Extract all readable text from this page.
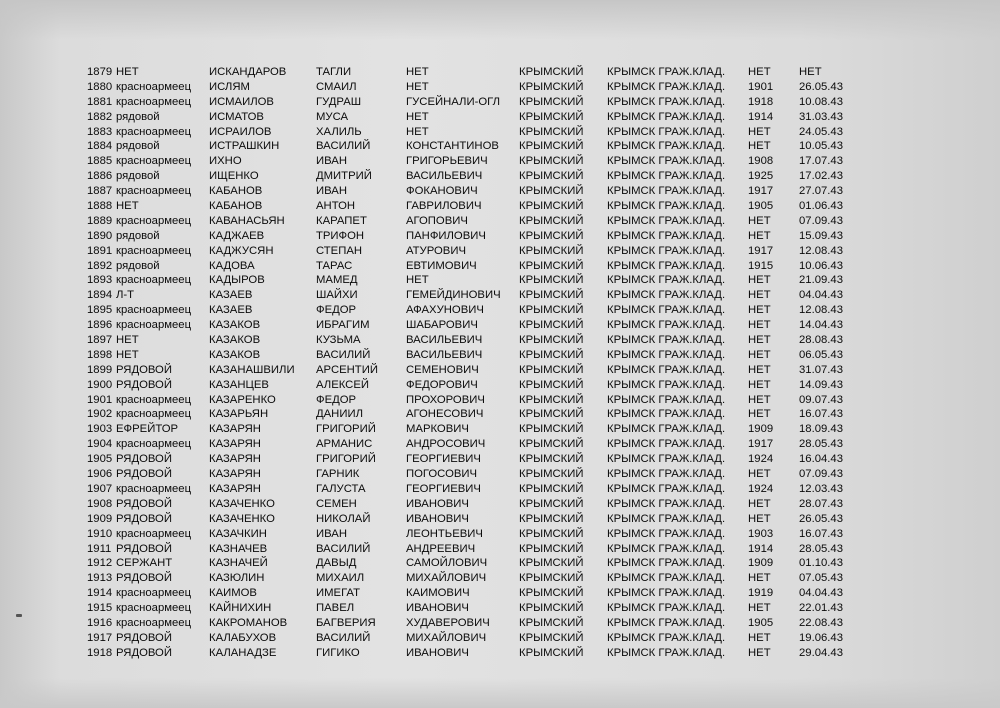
1879 НЕТ	ИСКАНДАРОВ	ТАГЛИ	НЕТ	КРЫМСКИЙ	КРЫМСК ГРАЖ.КЛАД.	НЕТ	НЕТ
1880 красноармеец	ИСЛЯМ	СМАИЛ	НЕТ	КРЫМСКИЙ	КРЫМСК ГРАЖ.КЛАД.	1901	26.05.43
1881 красноармеец	ИСМАИЛОВ	ГУДРАШ	ГУСЕЙНАЛИ-ОГЛ	КРЫМСКИЙ	КРЫМСК ГРАЖ.КЛАД.	1918	10.08.43
1882 рядовой	ИСМАТОВ	МУСА	НЕТ	КРЫМСКИЙ	КРЫМСК ГРАЖ.КЛАД.	1914	31.03.43
1883 красноармеец	ИСРАИЛОВ	ХАЛИЛЬ	НЕТ	КРЫМСКИЙ	КРЫМСК ГРАЖ.КЛАД.	НЕТ	24.05.43
1884 рядовой	ИСТРАШКИН	ВАСИЛИЙ	КОНСТАНТИНОВ	КРЫМСКИЙ	КРЫМСК ГРАЖ.КЛАД.	НЕТ	10.05.43
1885 красноармеец	ИХНО	ИВАН	ГРИГОРЬЕВИЧ	КРЫМСКИЙ	КРЫМСК ГРАЖ.КЛАД.	1908	17.07.43
1886 рядовой	ИЩЕНКО	ДМИТРИЙ	ВАСИЛЬЕВИЧ	КРЫМСКИЙ	КРЫМСК ГРАЖ.КЛАД.	1925	17.02.43
1887 красноармеец	КАБАНОВ	ИВАН	ФОКАНОВИЧ	КРЫМСКИЙ	КРЫМСК ГРАЖ.КЛАД.	1917	27.07.43
1888 НЕТ	КАБАНОВ	АНТОН	ГАВРИЛОВИЧ	КРЫМСКИЙ	КРЫМСК ГРАЖ.КЛАД.	1905	01.06.43
1889 красноармеец	КАВАНАСЬЯН	КАРАПЕТ	АГОПОВИЧ	КРЫМСКИЙ	КРЫМСК ГРАЖ.КЛАД.	НЕТ	07.09.43
1890 рядовой	КАДЖАЕВ	ТРИФОН	ПАНФИЛОВИЧ	КРЫМСКИЙ	КРЫМСК ГРАЖ.КЛАД.	НЕТ	15.09.43
1891 красноармеец	КАДЖУСЯН	СТЕПАН	АТУРОВИЧ	КРЫМСКИЙ	КРЫМСК ГРАЖ.КЛАД.	1917	12.08.43
1892 рядовой	КАДОВА	ТАРАС	ЕВТИМОВИЧ	КРЫМСКИЙ	КРЫМСК ГРАЖ.КЛАД.	1915	10.06.43
1893 красноармеец	КАДЫРОВ	МАМЕД	НЕТ	КРЫМСКИЙ	КРЫМСК ГРАЖ.КЛАД.	НЕТ	21.09.43
1894 Л-Т	КАЗАЕВ	ШАЙХИ	ГЕМЕЙДИНОВИЧ	КРЫМСКИЙ	КРЫМСК ГРАЖ.КЛАД.	НЕТ	04.04.43
1895 красноармеец	КАЗАЕВ	ФЕДОР	АФАХУНОВИЧ	КРЫМСКИЙ	КРЫМСК ГРАЖ.КЛАД.	НЕТ	12.08.43
1896 красноармеец	КАЗАКОВ	ИБРАГИМ	ШАБАРОВИЧ	КРЫМСКИЙ	КРЫМСК ГРАЖ.КЛАД.	НЕТ	14.04.43
1897 НЕТ	КАЗАКОВ	КУЗЬМА	ВАСИЛЬЕВИЧ	КРЫМСКИЙ	КРЫМСК ГРАЖ.КЛАД.	НЕТ	28.08.43
1898 НЕТ	КАЗАКОВ	ВАСИЛИЙ	ВАСИЛЬЕВИЧ	КРЫМСКИЙ	КРЫМСК ГРАЖ.КЛАД.	НЕТ	06.05.43
1899 РЯДОВОЙ	КАЗАНАШВИЛИ	АРСЕНТИЙ	СЕМЕНОВИЧ	КРЫМСКИЙ	КРЫМСК ГРАЖ.КЛАД.	НЕТ	31.07.43
1900 РЯДОВОЙ	КАЗАНЦЕВ	АЛЕКСЕЙ	ФЕДОРОВИЧ	КРЫМСКИЙ	КРЫМСК ГРАЖ.КЛАД.	НЕТ	14.09.43
1901 красноармеец	КАЗАРЕНКО	ФЕДОР	ПРОХОРОВИЧ	КРЫМСКИЙ	КРЫМСК ГРАЖ.КЛАД.	НЕТ	09.07.43
1902 красноармеец	КАЗАРЬЯН	ДАНИИЛ	АГОНЕСОВИЧ	КРЫМСКИЙ	КРЫМСК ГРАЖ.КЛАД.	НЕТ	16.07.43
1903 ЕФРЕЙТОР	КАЗАРЯН	ГРИГОРИЙ	МАРКОВИЧ	КРЫМСКИЙ	КРЫМСК ГРАЖ.КЛАД.	1909	18.09.43
1904 красноармеец	КАЗАРЯН	АРМАНИС	АНДРОСОВИЧ	КРЫМСКИЙ	КРЫМСК ГРАЖ.КЛАД.	1917	28.05.43
1905 РЯДОВОЙ	КАЗАРЯН	ГРИГОРИЙ	ГЕОРГИЕВИЧ	КРЫМСКИЙ	КРЫМСК ГРАЖ.КЛАД.	1924	16.04.43
1906 РЯДОВОЙ	КАЗАРЯН	ГАРНИК	ПОГОСОВИЧ	КРЫМСКИЙ	КРЫМСК ГРАЖ.КЛАД.	НЕТ	07.09.43
1907 красноармеец	КАЗАРЯН	ГАЛУСТА	ГЕОРГИЕВИЧ	КРЫМСКИЙ	КРЫМСК ГРАЖ.КЛАД.	1924	12.03.43
1908 РЯДОВОЙ	КАЗАЧЕНКО	СЕМЕН	ИВАНОВИЧ	КРЫМСКИЙ	КРЫМСК ГРАЖ.КЛАД.	НЕТ	28.07.43
1909 РЯДОВОЙ	КАЗАЧЕНКО	НИКОЛАЙ	ИВАНОВИЧ	КРЫМСКИЙ	КРЫМСК ГРАЖ.КЛАД.	НЕТ	26.05.43
1910 красноармеец	КАЗАЧКИН	ИВАН	ЛЕОНТЬЕВИЧ	КРЫМСКИЙ	КРЫМСК ГРАЖ.КЛАД.	1903	16.07.43
1911 РЯДОВОЙ	КАЗНАЧЕВ	ВАСИЛИЙ	АНДРЕЕВИЧ	КРЫМСКИЙ	КРЫМСК ГРАЖ.КЛАД.	1914	28.05.43
1912 СЕРЖАНТ	КАЗНАЧЕЙ	ДАВЫД	САМОЙЛОВИЧ	КРЫМСКИЙ	КРЫМСК ГРАЖ.КЛАД.	1909	01.10.43
1913 РЯДОВОЙ	КАЗЮЛИН	МИХАИЛ	МИХАЙЛОВИЧ	КРЫМСКИЙ	КРЫМСК ГРАЖ.КЛАД.	НЕТ	07.05.43
1914 красноармеец	КАИМОВ	ИМЕГАТ	КАИМОВИЧ	КРЫМСКИЙ	КРЫМСК ГРАЖ.КЛАД.	1919	04.04.43
1915 красноармеец	КАЙНИХИН	ПАВЕЛ	ИВАНОВИЧ	КРЫМСКИЙ	КРЫМСК ГРАЖ.КЛАД.	НЕТ	22.01.43
1916 красноармеец	КАКРОМАНОВ	БАГВЕРИЯ	ХУДАВЕРОВИЧ	КРЫМСКИЙ	КРЫМСК ГРАЖ.КЛАД.	1905	22.08.43
1917 РЯДОВОЙ	КАЛАБУХОВ	ВАСИЛИЙ	МИХАЙЛОВИЧ	КРЫМСКИЙ	КРЫМСК ГРАЖ.КЛАД.	НЕТ	19.06.43
1918 РЯДОВОЙ	КАЛАНАДЗЕ	ГИГИКО	ИВАНОВИЧ	КРЫМСКИЙ	КРЫМСК ГРАЖ.КЛАД.	НЕТ	29.04.43
